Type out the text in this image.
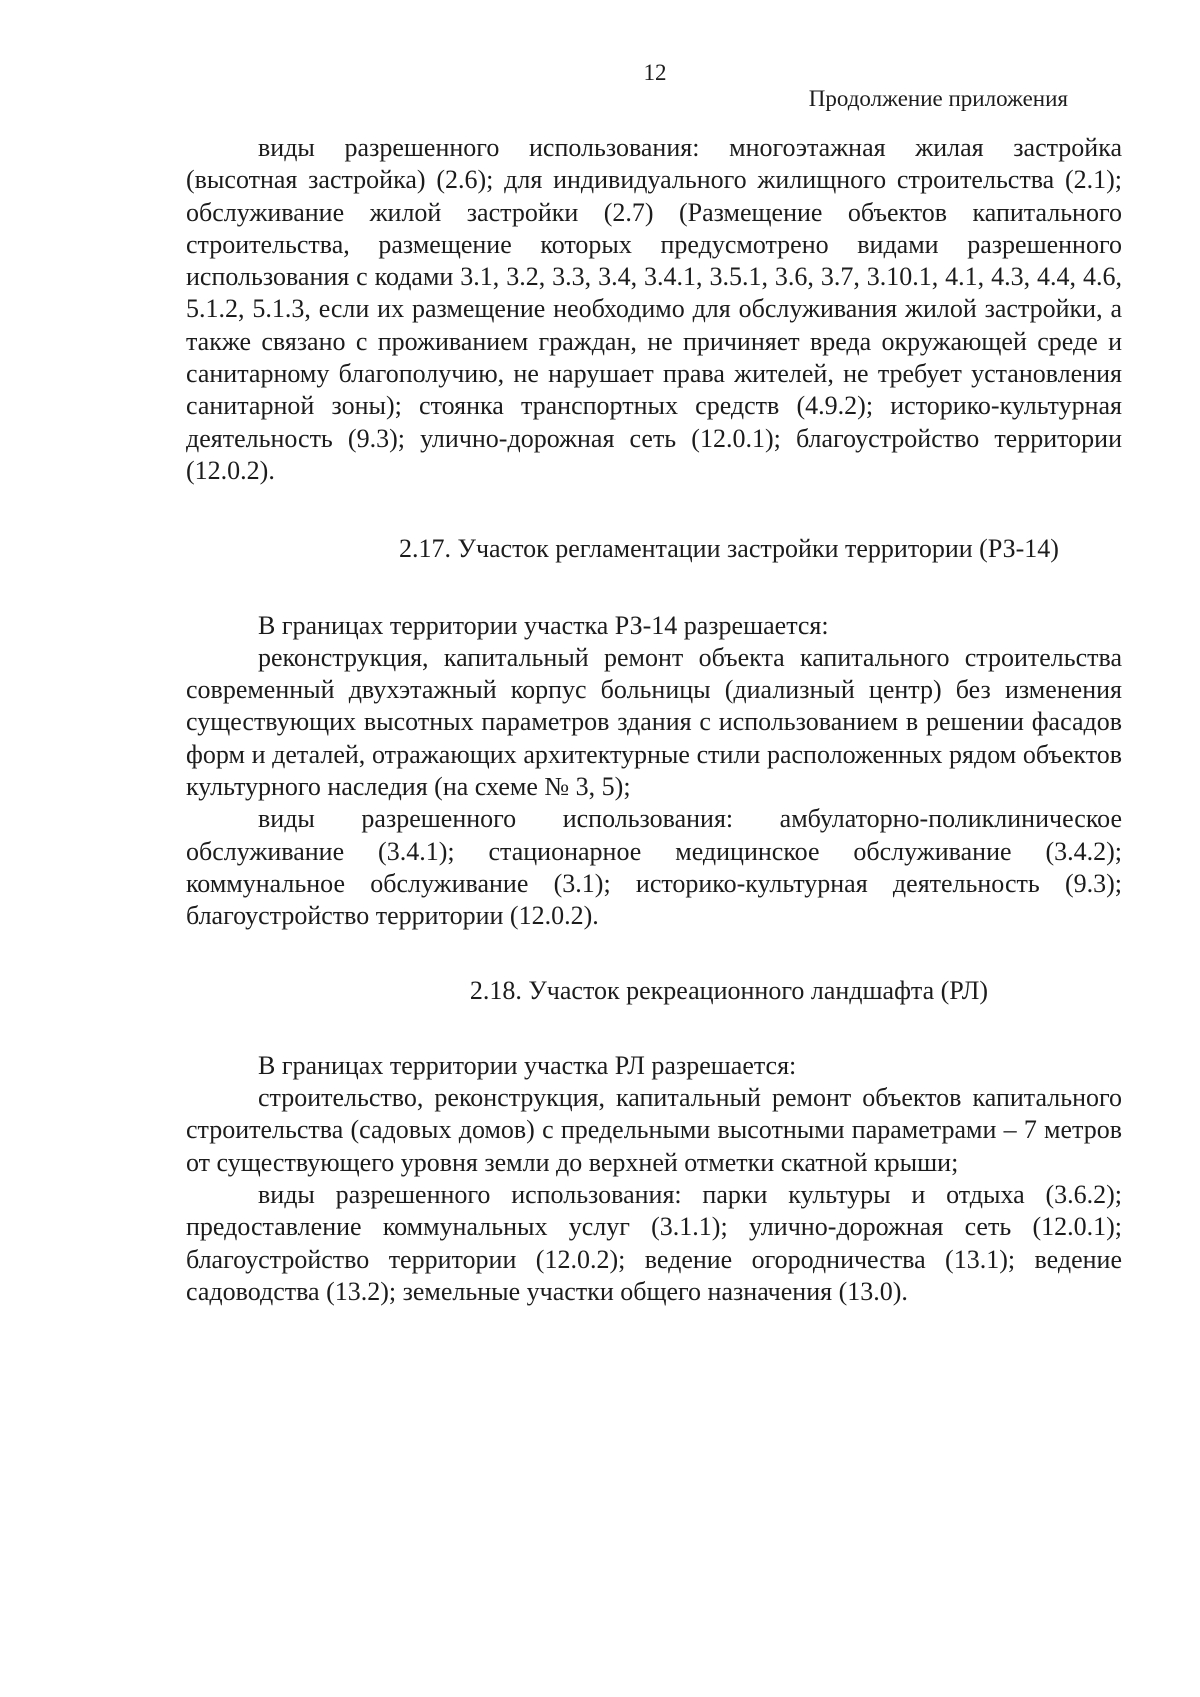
12
Продолжение приложения

виды разрешенного использования: многоэтажная жилая застройка (высотная застройка) (2.6); для индивидуального жилищного строительства (2.1); обслуживание жилой застройки (2.7) (Размещение объектов капитального строительства, размещение которых предусмотрено видами разрешенного использования с кодами 3.1, 3.2, 3.3, 3.4, 3.4.1, 3.5.1, 3.6, 3.7, 3.10.1, 4.1, 4.3, 4.4, 4.6, 5.1.2, 5.1.3, если их размещение необходимо для обслуживания жилой застройки, а также связано с проживанием граждан, не причиняет вреда окружающей среде и санитарному благополучию, не нарушает права жителей, не требует установления санитарной зоны); стоянка транспортных средств (4.9.2); историко-культурная деятельность (9.3); улично-дорожная сеть (12.0.1); благоустройство территории (12.0.2).

2.17. Участок регламентации застройки территории (РЗ-14)

В границах территории участка РЗ-14 разрешается:

реконструкция, капитальный ремонт объекта капитального строительства современный двухэтажный корпус больницы (диализный центр) без изменения существующих высотных параметров здания с использованием в решении фасадов форм и деталей, отражающих архитектурные стили расположенных рядом объектов культурного наследия (на схеме № 3, 5);

виды разрешенного использования: амбулаторно-поликлиническое обслуживание (3.4.1); стационарное медицинское обслуживание (3.4.2); коммунальное обслуживание (3.1); историко-культурная деятельность (9.3); благоустройство территории (12.0.2).

2.18. Участок рекреационного ландшафта (РЛ)

В границах территории участка РЛ разрешается:

строительство, реконструкция, капитальный ремонт объектов капитального строительства (садовых домов) с предельными высотными параметрами – 7 метров от существующего уровня земли до верхней отметки скатной крыши;

виды разрешенного использования: парки культуры и отдыха (3.6.2); предоставление коммунальных услуг (3.1.1); улично-дорожная сеть (12.0.1); благоустройство территории (12.0.2); ведение огородничества (13.1); ведение садоводства (13.2); земельные участки общего назначения (13.0).
